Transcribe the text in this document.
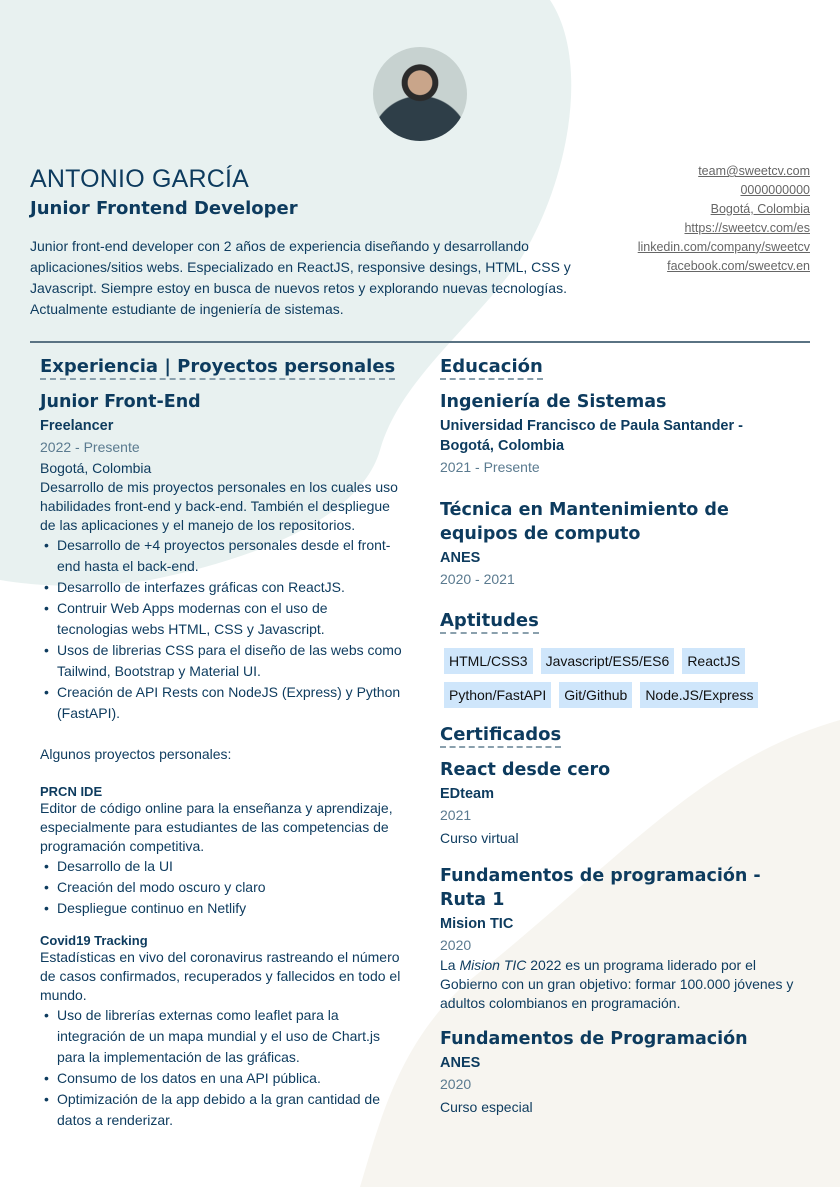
ANTONIO GARCÍA
Junior Frontend Developer

Junior front-end developer con 2 años de experiencia diseñando y desarrollando aplicaciones/sitios webs. Especializado en ReactJS, responsive desings, HTML, CSS y Javascript. Siempre estoy en busca de nuevos retos y explorando nuevas tecnologías. Actualmente estudiante de ingeniería de sistemas.

team@sweetcv.com
0000000000
Bogotá, Colombia
https://sweetcv.com/es
linkedin.com/company/sweetcv
facebook.com/sweetcv.en
Experiencia | Proyectos personales
Junior Front-End
Freelancer
2022 - Presente
Bogotá, Colombia

Desarrollo de mis proyectos personales en los cuales uso habilidades front-end y back-end. También el despliegue de las aplicaciones y el manejo de los repositorios.

• Desarrollo de +4 proyectos personales desde el front-end hasta el back-end.
• Desarrollo de interfazes gráficas con ReactJS.
• Contruir Web Apps modernas con el uso de tecnologias webs HTML, CSS y Javascript.
• Usos de librerias CSS para el diseño de las webs como Tailwind, Bootstrap y Material UI.
• Creación de API Rests con NodeJS (Express) y Python (FastAPI).

Algunos proyectos personales:

PRCN IDE

Editor de código online para la enseñanza y aprendizaje, especialmente para estudiantes de las competencias de programación competitiva.

• Desarrollo de la UI
• Creación del modo oscuro y claro
• Despliegue continuo en Netlify
Covid19 Tracking

Estadísticas en vivo del coronavirus rastreando el número de casos confirmados, recuperados y fallecidos en todo el mundo.

• Uso de librerías externas como leaflet para la integración de un mapa mundial y el uso de Chart.js para la implementación de las gráficas.
• Consumo de los datos en una API pública.
• Optimización de la app debido a la gran cantidad de datos a renderizar.
Educación
Ingeniería de Sistemas
Universidad Francisco de Paula Santander - Bogotá, Colombia
2021 - Presente
Técnica en Mantenimiento de equipos de computo
ANES
2020 - 2021
Aptitudes
HTML/CSS3	Javascript/ES5/ES6	ReactJS
Python/FastAPI	Git/Github	Node.JS/Express
Certificados
React desde cero
EDteam
2021
Curso virtual
Fundamentos de programación - Ruta 1
Mision TIC
2020

La Mision TIC 2022 es un programa liderado por el Gobierno con un gran objetivo: formar 100.000 jóvenes y adultos colombianos en programación.

Fundamentos de Programación
ANES
2020
Curso especial
